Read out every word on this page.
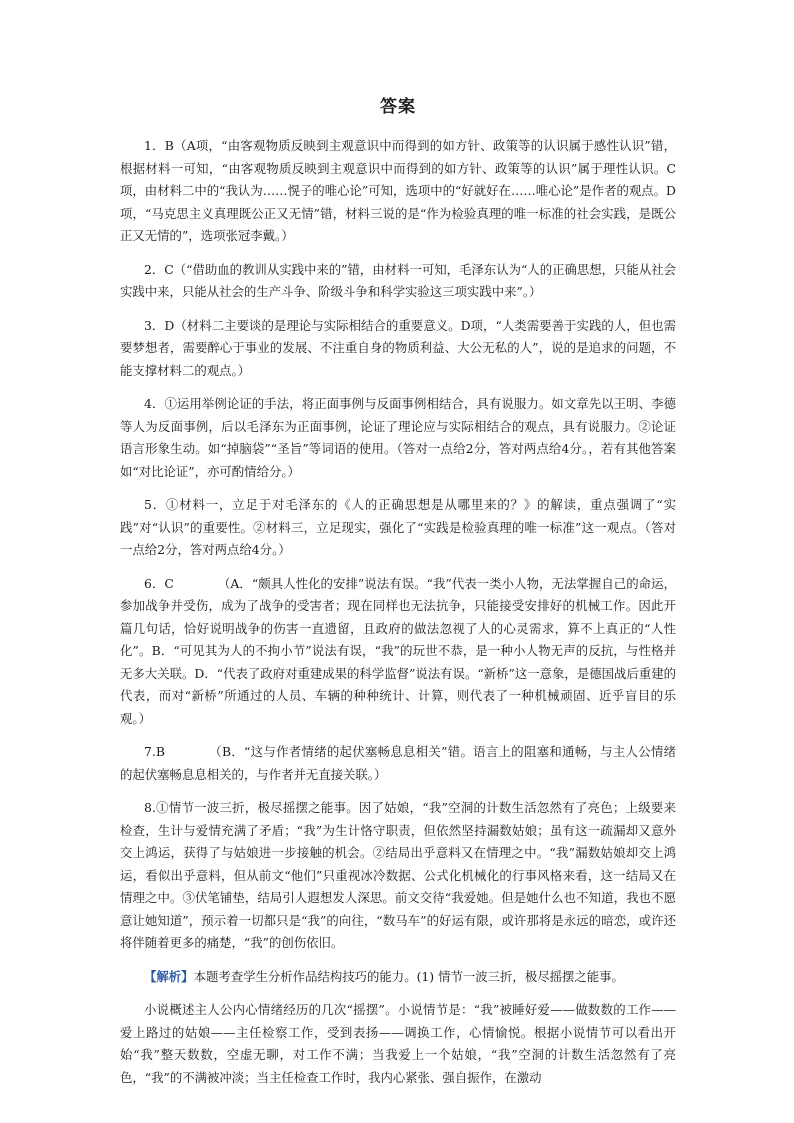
答案

1．B（A项，“由客观物质反映到主观意识中而得到的如方针、政策等的认识属于感性认识”错，根据材料一可知，“由客观物质反映到主观意识中而得到的如方针、政策等的认识”属于理性认识。C项，由材料二中的“我认为……愰子的唯心论”可知，选项中的“好就好在……唯心论”是作者的观点。D项，“马克思主义真理既公正又无情”错，材料三说的是“作为检验真理的唯一标准的社会实践，是既公正又无情的”，选项张冠李戴。）

2．C（“借助血的教训从实践中来的”错，由材料一可知，毛泽东认为“人的正确思想，只能从社会实践中来，只能从社会的生产斗争、阶级斗争和科学实验这三项实践中来”。）

3．D（材料二主要谈的是理论与实际相结合的重要意义。D项，“人类需要善于实践的人，但也需要梦想者，需要醉心于事业的发展、不注重自身的物质利益、大公无私的人”，说的是追求的问题，不能支撑材料二的观点。）

4．①运用举例论证的手法，将正面事例与反面事例相结合，具有说服力。如文章先以王明、李德等人为反面事例，后以毛泽东为正面事例，论证了理论应与实际相结合的观点，具有说服力。②论证语言形象生动。如“掉脑袋”“圣旨”等词语的使用。（答对一点给2分，答对两点给4分。，若有其他答案如“对比论证”，亦可酌情给分。）

5．①材料一，立足于对毛泽东的《人的正确思想是从哪里来的？》的解读，重点强调了“实践”对“认识”的重要性。②材料三，立足现实，强化了“实践是检验真理的唯一标准”这一观点。（答对一点给2分，答对两点给4分。）

6．C	（A．“颇具人性化的安排”说法有误。“我”代表一类小人物，无法掌握自己的命运，参加战争并受伤，成为了战争的受害者；现在同样也无法抗争，只能接受安排好的机械工作。因此开篇几句话，恰好说明战争的伤害一直遗留，且政府的做法忽视了人的心灵需求，算不上真正的“人性化”。B．“可见其为人的不拘小节”说法有误，“我”的玩世不恭，是一种小人物无声的反抗，与性格并无多大关联。D．“代表了政府对重建成果的科学监督”说法有误。“新桥”这一意象，是德国战后重建的代表，而对“新桥”所通过的人员、车辆的种种统计、计算，则代表了一种机械顽固、近乎盲目的乐观。）

7.B	（B．“这与作者情绪的起伏塞畅息息相关”错。语言上的阻塞和通畅，与主人公情绪的起伏塞畅息息相关的，与作者并无直接关联。）

8.①情节一波三折，极尽摇摆之能事。因了姑娘，“我”空洞的计数生活忽然有了亮色；上级要来检查，生计与爱情充满了矛盾；“我”为生计恪守职责，但依然坚持漏数姑娘；虽有这一疏漏却又意外交上鸿运，获得了与姑娘进一步接触的机会。②结局出乎意料又在情理之中。“我”漏数姑娘却交上鸿运，看似出乎意料，但从前文“他们”只重视冰冷数据、公式化机械化的行事风格来看，这一结局又在情理之中。③伏笔铺垫，结局引人遐想发人深思。前文交待“我爱她。但是她什么也不知道，我也不愿意让她知道”，预示着一切都只是“我”的向往，“数马车”的好运有限，或许那将是永远的暗恋，或许还将伴随着更多的痛楚，“我”的创伤依旧。

【解析】本题考查学生分析作品结构技巧的能力。(1) 情节一波三折，极尽摇摆之能事。

小说概述主人公内心情绪经历的几次“摇摆”。小说情节是：“我”被睡好爱——做数数的工作——爱上路过的姑娘——主任检察工作，受到表扬——调换工作，心情愉悦。根据小说情节可以看出开始“我”整天数数，空虚无聊，对工作不满；当我爱上一个姑娘，“我”空洞的计数生活忽然有了亮色，“我”的不满被冲淡；当主任检查工作时，我内心紧张、强自振作，在激动
